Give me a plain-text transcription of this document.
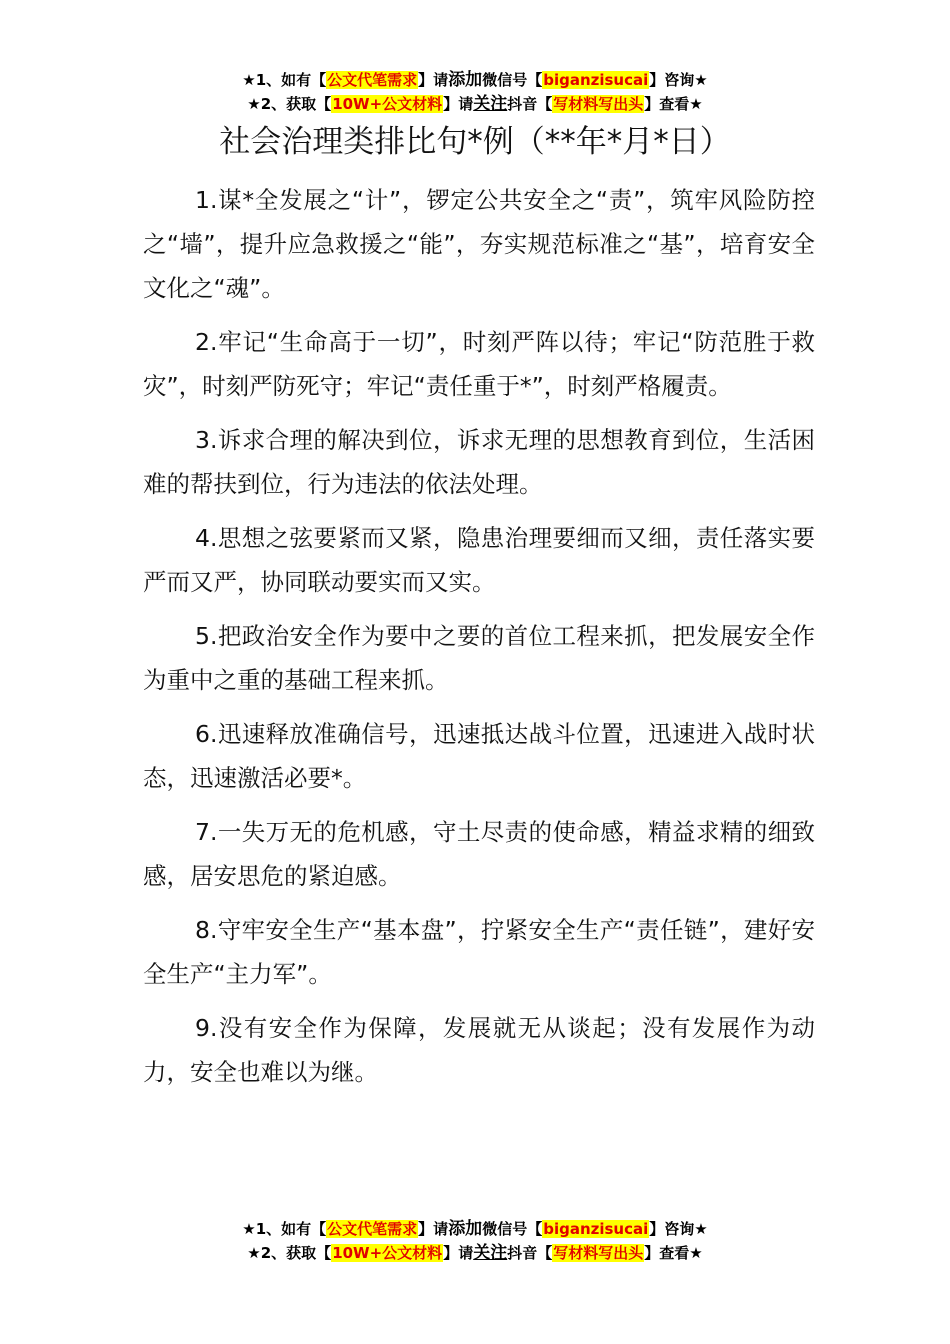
★1、如有【公文代笔需求】请添加微信号【biganzisucai】咨询★
★2、获取【10W+公文材料】请关注抖音【写材料写出头】查看★
社会治理类排比句*例（**年*月*日）

1.谋*全发展之“计”，锣定公共安全之“责”，筑牢风险防控之“墙”，提升应急救援之“能”，夯实规范标准之“基”，培育安全文化之“魂”。

2.牢记“生命高于一切”，时刻严阵以待；牢记“防范胜于救灾”，时刻严防死守；牢记“责任重于*”，时刻严格履责。

3.诉求合理的解决到位，诉求无理的思想教育到位，生活困难的帮扶到位，行为违法的依法处理。

4.思想之弦要紧而又紧，隐患治理要细而又细，责任落实要严而又严，协同联动要实而又实。

5.把政治安全作为要中之要的首位工程来抓，把发展安全作为重中之重的基础工程来抓。

6.迅速释放准确信号，迅速抵达战斗位置，迅速进入战时状态，迅速激活必要*。

7.一失万无的危机感，守土尽责的使命感，精益求精的细致感，居安思危的紧迫感。

8.守牢安全生产“基本盘”，拧紧安全生产“责任链”，建好安全生产“主力军”。

9.没有安全作为保障，发展就无从谈起；没有发展作为动力，安全也难以为继。

★1、如有【公文代笔需求】请添加微信号【biganzisucai】咨询★
★2、获取【10W+公文材料】请关注抖音【写材料写出头】查看★
